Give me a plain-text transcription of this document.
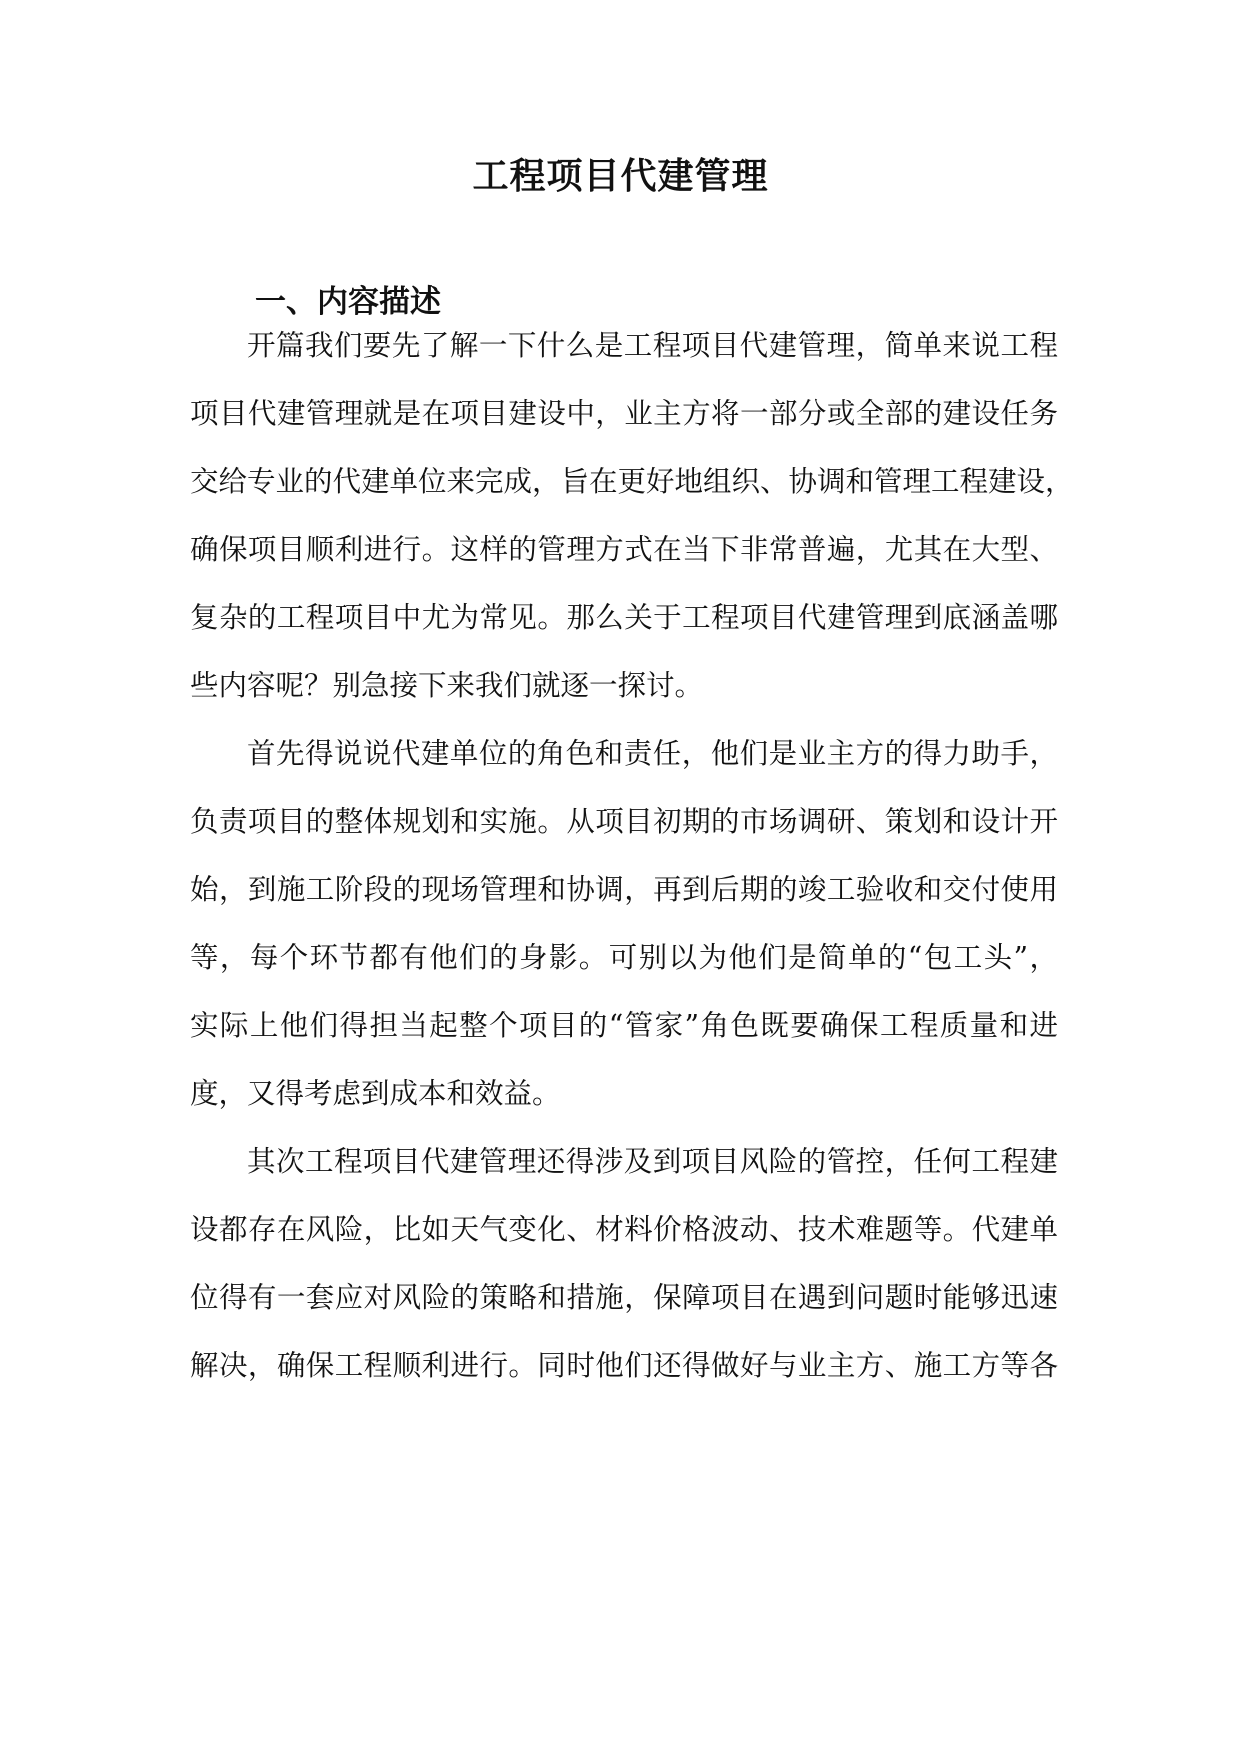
工程项目代建管理
一、内容描述

开篇我们要先了解一下什么是工程项目代建管理，简单来说工程

项目代建管理就是在项目建设中，业主方将一部分或全部的建设任务

交给专业的代建单位来完成，旨在更好地组织、协调和管理工程建设，

确保项目顺利进行。这样的管理方式在当下非常普遍，尤其在大型、

复杂的工程项目中尤为常见。那么关于工程项目代建管理到底涵盖哪

些内容呢？别急接下来我们就逐一探讨。

首先得说说代建单位的角色和责任，他们是业主方的得力助手，

负责项目的整体规划和实施。从项目初期的市场调研、策划和设计开

始，到施工阶段的现场管理和协调，再到后期的竣工验收和交付使用

等，每个环节都有他们的身影。可别以为他们是简单的“包工头”，

实际上他们得担当起整个项目的“管家”角色既要确保工程质量和进

度，又得考虑到成本和效益。

其次工程项目代建管理还得涉及到项目风险的管控，任何工程建

设都存在风险，比如天气变化、材料价格波动、技术难题等。代建单

位得有一套应对风险的策略和措施，保障项目在遇到问题时能够迅速

解决，确保工程顺利进行。同时他们还得做好与业主方、施工方等各
